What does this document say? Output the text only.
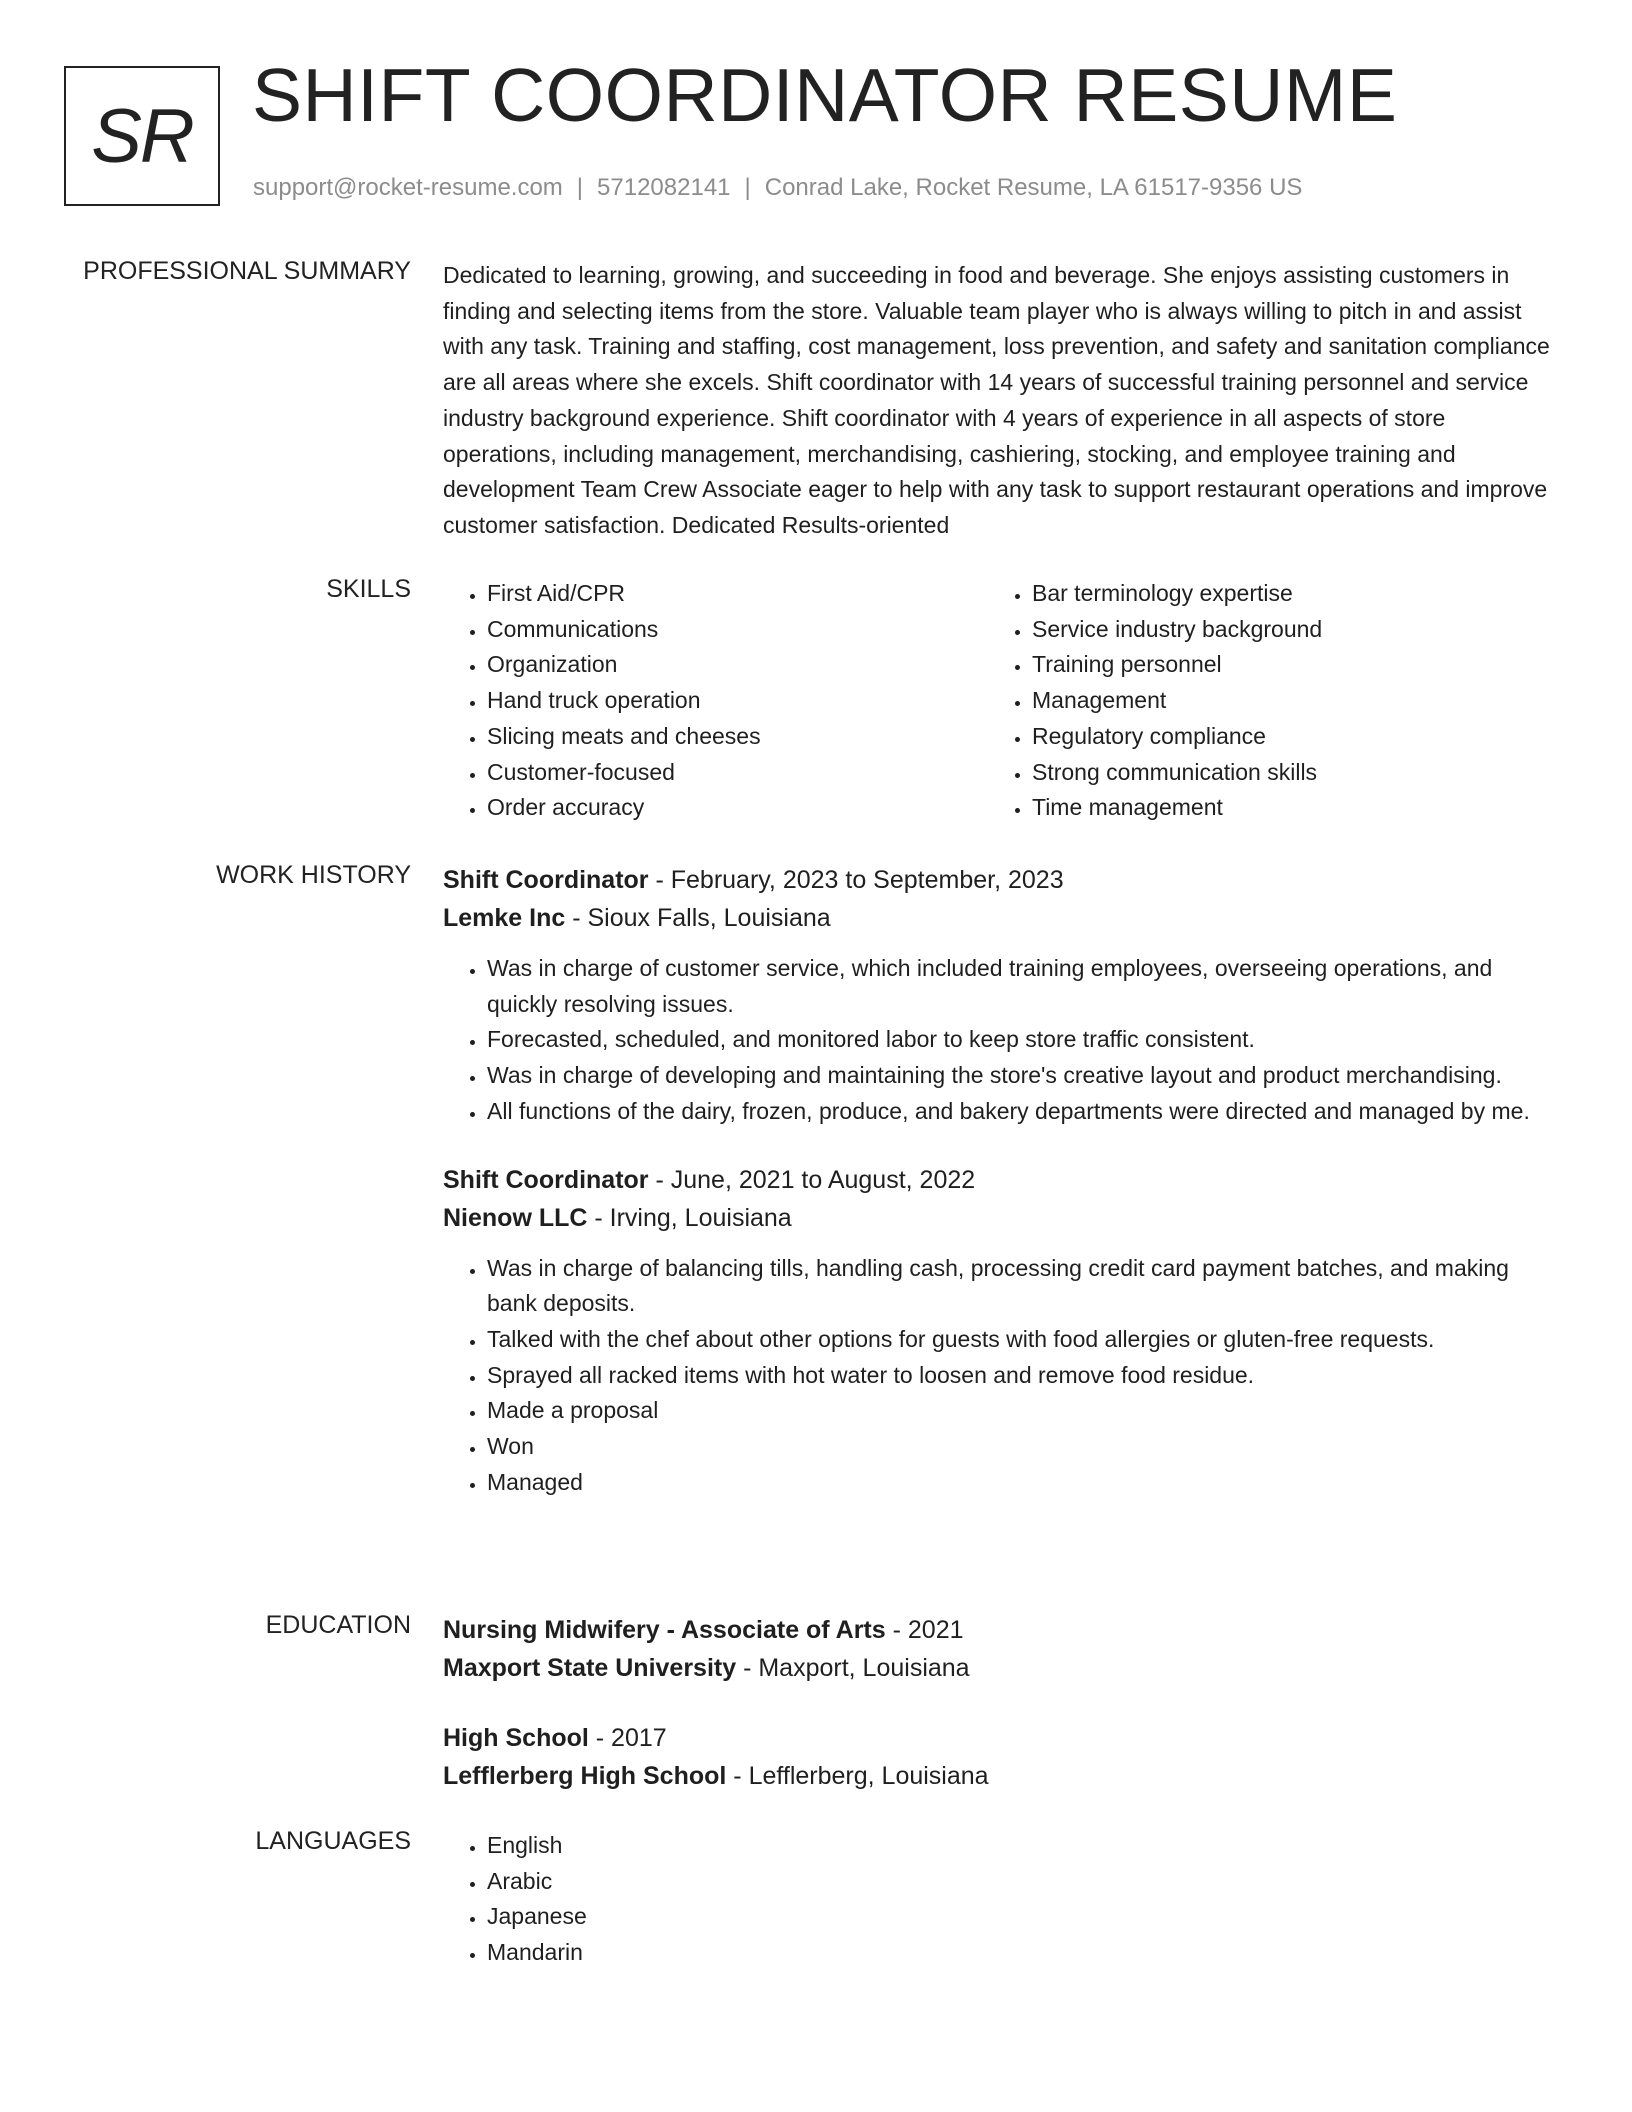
SR SHIFT COORDINATOR RESUME
support@rocket-resume.com | 5712082141 | Conrad Lake, Rocket Resume, LA 61517-9356 US
PROFESSIONAL SUMMARY Dedicated to learning, growing, and succeeding in food and beverage. She enjoys assisting customers in finding and selecting items from the store. Valuable team player who is always willing to pitch in and assist with any task. Training and staffing, cost management, loss prevention, and safety and sanitation compliance are all areas where she excels. Shift coordinator with 14 years of successful training personnel and service industry background experience. Shift coordinator with 4 years of experience in all aspects of store operations, including management, merchandising, cashiering, stocking, and employee training and development Team Crew Associate eager to help with any task to support restaurant operations and improve customer satisfaction. Dedicated Results-oriented
SKILLS	• First Aid/CPR
• Communications
• Organization
• Hand truck operation
• Slicing meats and cheeses
• Customer-focused
• Order accuracy
• Bar terminology expertise
• Service industry background
• Training personnel
• Management
• Regulatory compliance
• Strong communication skills
• Time management
WORK HISTORY Shift Coordinator - February, 2023 to September, 2023
Lemke Inc - Sioux Falls, Louisiana
• Was in charge of customer service, which included training employees, overseeing operations, and quickly resolving issues.
• Forecasted, scheduled, and monitored labor to keep store traffic consistent.
• Was in charge of developing and maintaining the store's creative layout and product merchandising.
• All functions of the dairy, frozen, produce, and bakery departments were directed and managed by me.
Shift Coordinator - June, 2021 to August, 2022
Nienow LLC - Irving, Louisiana
• Was in charge of balancing tills, handling cash, processing credit card payment batches, and making bank deposits.
• Talked with the chef about other options for guests with food allergies or gluten-free requests.
• Sprayed all racked items with hot water to loosen and remove food residue.
• Made a proposal
• Won
• Managed
EDUCATION Nursing Midwifery - Associate of Arts - 2021
Maxport State University - Maxport, Louisiana
High School - 2017
Lefflerberg High School - Lefflerberg, Louisiana
LANGUAGES	• English
• Arabic
• Japanese
• Mandarin
